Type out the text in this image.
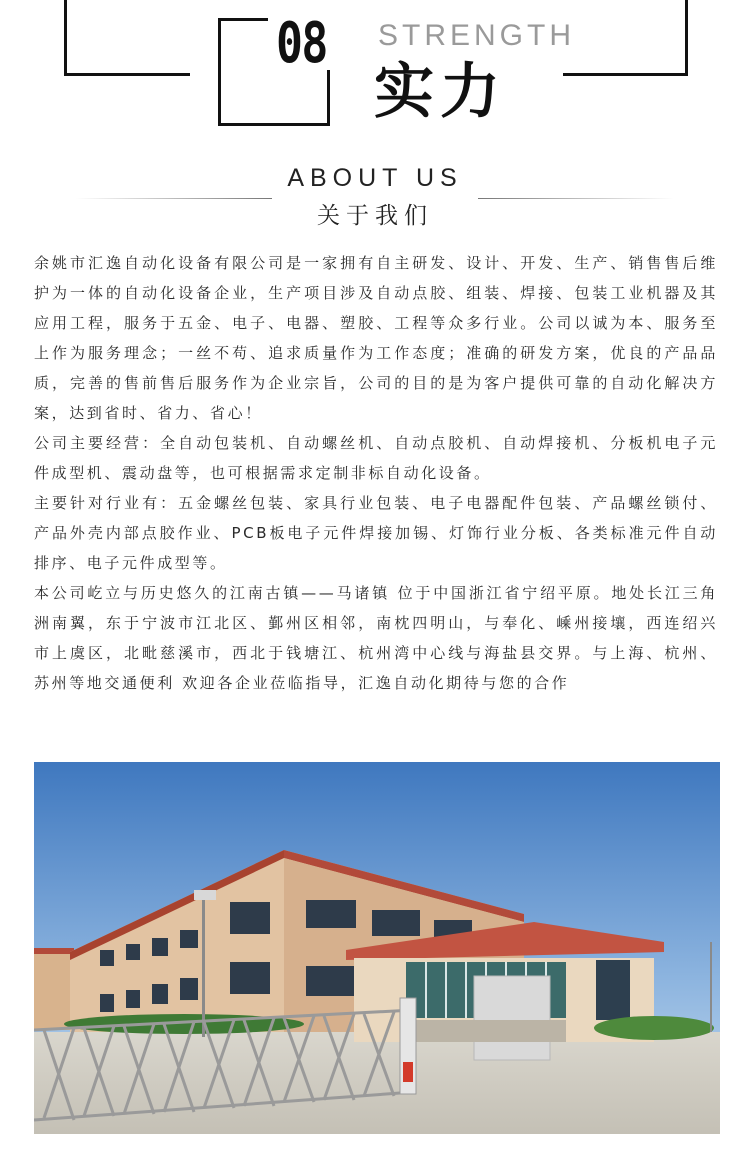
08 STRENGTH
实力
ABOUT US
关于我们

余姚市汇逸自动化设备有限公司是一家拥有自主研发、设计、开发、生产、销售售后维护为一体的自动化设备企业，生产项目涉及自动点胶、组装、焊接、包装工业机器及其应用工程，服务于五金、电子、电器、塑胶、工程等众多行业。公司以诚为本、服务至上作为服务理念；一丝不苟、追求质量作为工作态度；准确的研发方案，优良的产品品质，完善的售前售后服务作为企业宗旨，公司的目的是为客户提供可靠的自动化解决方案，达到省时、省力、省心！

公司主要经营：全自动包装机、自动螺丝机、自动点胶机、自动焊接机、分板机电子元件成型机、震动盘等，也可根据需求定制非标自动化设备。

主要针对行业有：五金螺丝包装、家具行业包装、电子电器配件包装、产品螺丝锁付、产品外壳内部点胶作业、PCB板电子元件焊接加锡、灯饰行业分板、各类标准元件自动排序、电子元件成型等。

本公司屹立与历史悠久的江南古镇——马诸镇 位于中国浙江省宁绍平原。地处长江三角洲南翼，东于宁波市江北区、鄞州区相邻，南枕四明山，与奉化、嵊州接壤，西连绍兴市上虞区，北毗慈溪市，西北于钱塘江、杭州湾中心线与海盐县交界。与上海、杭州、苏州等地交通便利 欢迎各企业莅临指导，汇逸自动化期待与您的合作
